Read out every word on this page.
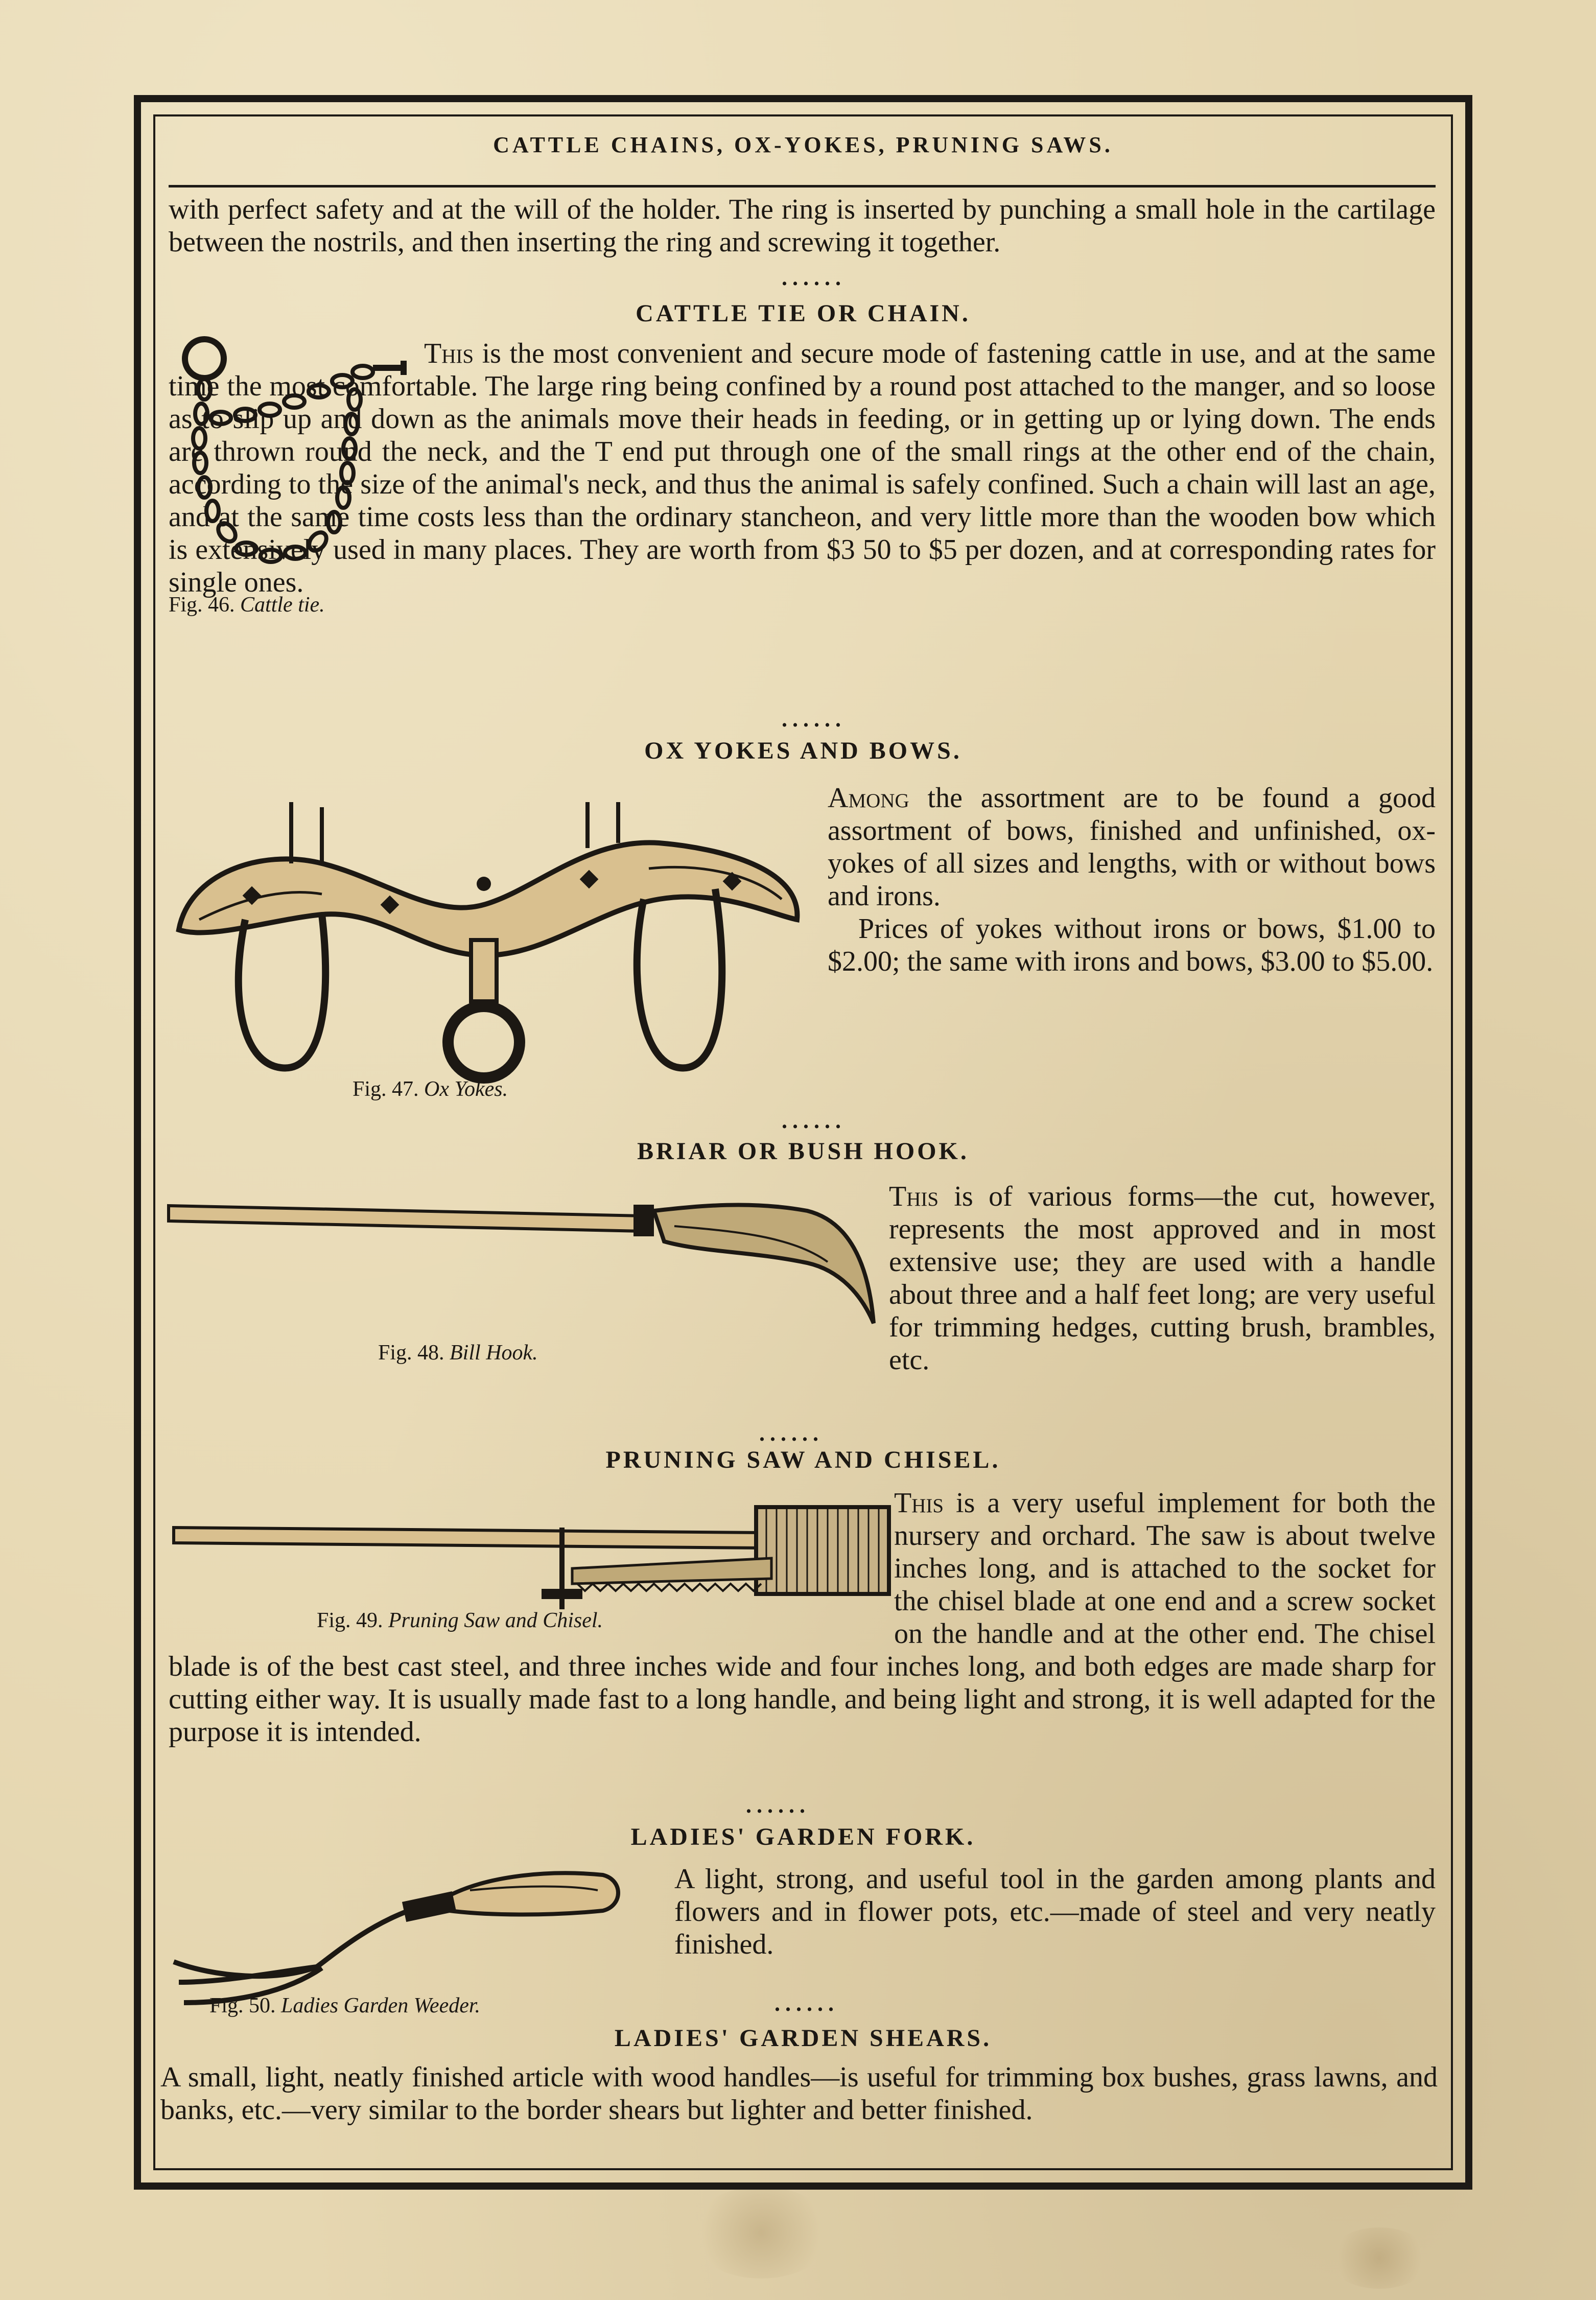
CATTLE CHAINS, OX-YOKES, PRUNING SAWS.

with perfect safety and at the will of the holder. The ring is inserted by punching a small hole in the cartilage between the nostrils, and then inserting the ring and screwing it together.

......
CATTLE TIE OR CHAIN.
Fig. 46. Cattle tie.

This is the most convenient and secure mode of fastening cattle in use, and at the same time the most comfortable. The large ring being confined by a round post attached to the manger, and so loose as to slip up and down as the animals move their heads in feeding, or in getting up or lying down. The ends are thrown round the neck, and the T end put through one of the small rings at the other end of the chain, according to the size of the animal's neck, and thus the animal is safely confined. Such a chain will last an age, and at the same time costs less than the ordinary stancheon, and very little more than the wooden bow which is extensively used in many places. They are worth from $3 50 to $5 per dozen, and at corresponding rates for single ones.

......
OX YOKES AND BOWS.
Fig. 47. Ox Yokes.

Among the assortment are to be found a good assortment of bows, finished and unfinished, ox-yokes of all sizes and lengths, with or without bows and irons.

Prices of yokes without irons or bows, $1.00 to $2.00; the same with irons and bows, $3.00 to $5.00.

......
BRIAR OR BUSH HOOK.
Fig. 48. Bill Hook.

This is of various forms—the cut, however, represents the most approved and in most extensive use; they are used with a handle about three and a half feet long; are very useful for trimming hedges, cutting brush, brambles, etc.

......
PRUNING SAW AND CHISEL.
Fig. 49. Pruning Saw and Chisel.

This is a very useful implement for both the nursery and orchard. The saw is about twelve inches long, and is attached to the socket for the chisel blade at one end and a screw socket on the handle and at the other end. The chisel blade is of the best cast steel, and three inches wide and four inches long, and both edges are made sharp for cutting either way. It is usually made fast to a long handle, and being light and strong, it is well adapted for the purpose it is intended.

......
LADIES' GARDEN FORK.
Fig. 50. Ladies Garden Weeder.

A light, strong, and useful tool in the garden among plants and flowers and in flower pots, etc.—made of steel and very neatly finished.

......
LADIES' GARDEN SHEARS.

A small, light, neatly finished article with wood handles—is useful for trimming box bushes, grass lawns, and banks, etc.—very similar to the border shears but lighter and better finished.
